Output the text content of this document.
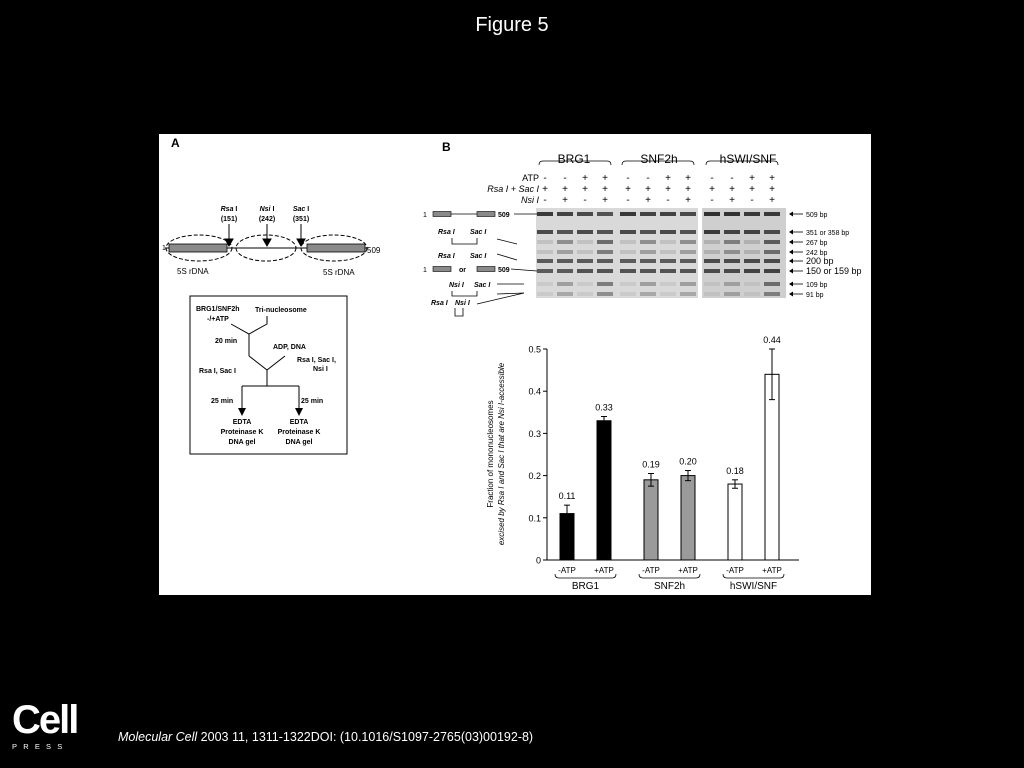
Figure 5
A
Rsa I
(151)
Nsi I
(242)
Sac I
(351)
1	509
5S rDNA	5S rDNA
BRG1/SNF2h
-/+ATP
Tri-nucleosome
20 min
ADP, DNA
Rsa I, Sac I
Rsa I, Sac I,
Nsi I
25 min	25 min
EDTA
Proteinase K
DNA gel
EDTA
Proteinase K
DNA gel
B
BRG1	SNF2h	hSWI/SNF
ATP
Rsa I + Sac I
Nsi I
- - + + - - + + - - + +
+ + + + + + + + + + + +
- + - + - + - + - + - +
509 bp
351 or 358 bp
267 bp
242 bp
200 bp
150 or 159 bp
109 bp
91 bp
1	509
Rsa I Sac I
Rsa I Sac I
1	or	509
Nsi I Sac I
Rsa I Nsi I
0
0.1
0.2
0.3
0.4
0.5
Fraction of mononucleosomes excised by Rsa I and Sac I that are Nsi I-accessible	0.11
-ATP
0.33
+ATP
0.19
-ATP
0.20
+ATP
0.18
-ATP
0.44
+ATP
BRG1	SNF2h	hSWI/SNF
Cell
PRESS
Molecular Cell 2003 11, 1311-1322DOI: (10.1016/S1097-2765(03)00192-8)
